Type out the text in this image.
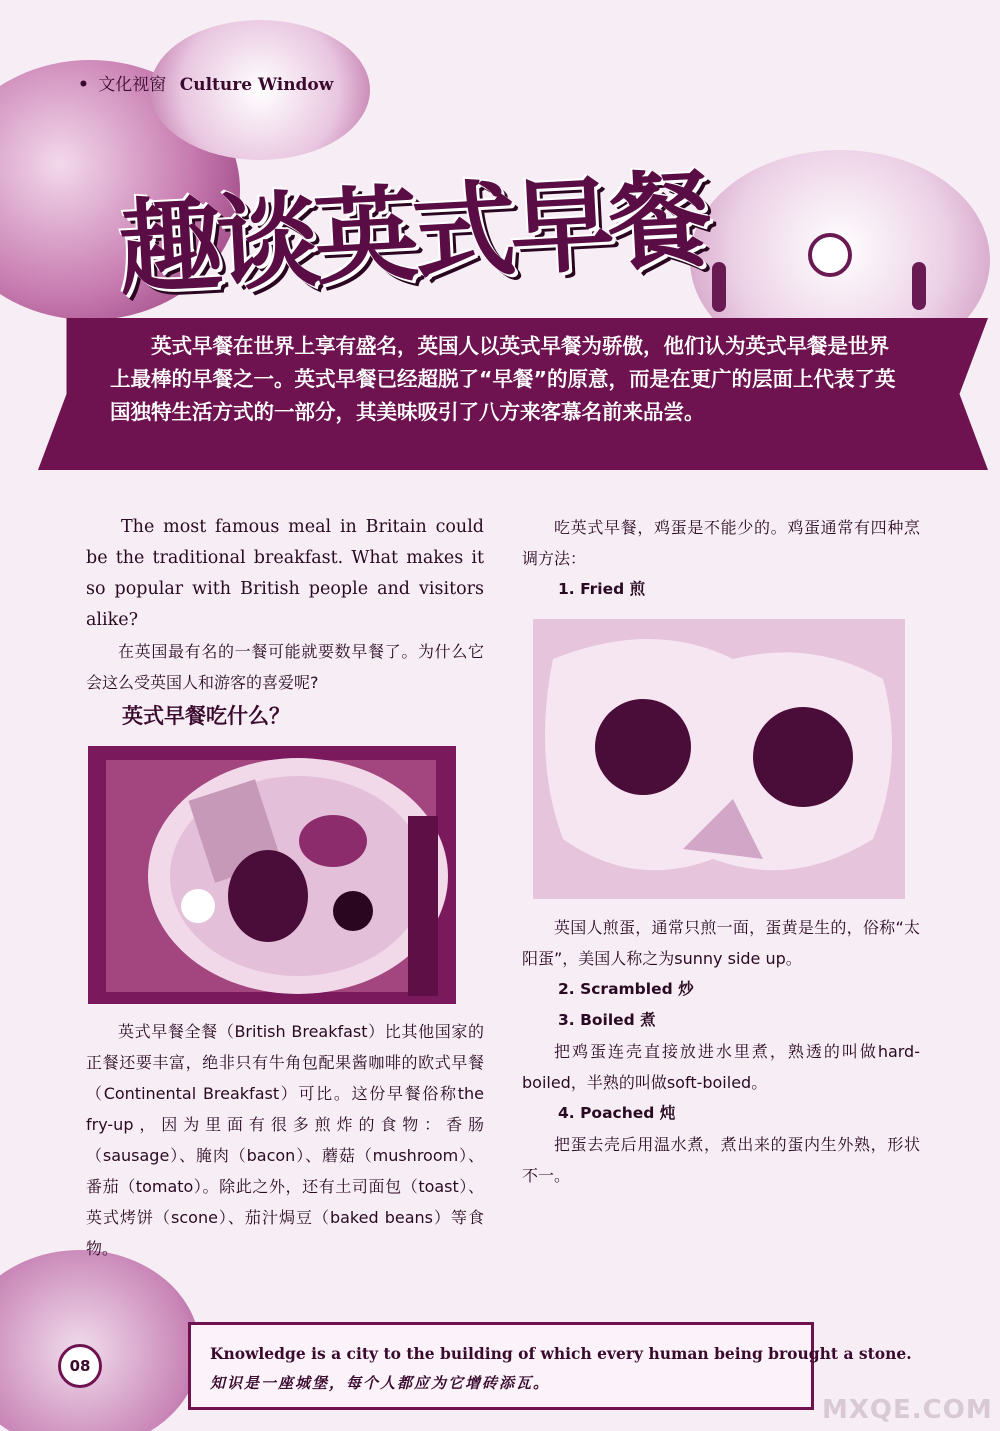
• 文化视窗 Culture Window
趣谈英式早餐
英式早餐在世界上享有盛名，英国人以英式早餐为骄傲，他们认为英式早餐是世界上最棒的早餐之一。英式早餐已经超脱了“早餐”的原意，而是在更广的层面上代表了英国独特生活方式的一部分，其美味吸引了八方来客慕名前来品尝。

The most famous meal in Britain could be the traditional breakfast. What makes it so popular with British people and visitors alike?

在英国最有名的一餐可能就要数早餐了。为什么它会这么受英国人和游客的喜爱呢?

英式早餐吃什么？

英式早餐全餐（British Breakfast）比其他国家的正餐还要丰富，绝非只有牛角包配果酱咖啡的欧式早餐（Continental Breakfast）可比。这份早餐俗称the fry-up，因为里面有很多煎炸的食物：香肠（sausage）、腌肉（bacon）、蘑菇（mushroom）、番茄（tomato）。除此之外，还有土司面包（toast）、英式烤饼（scone）、茄汁焗豆（baked beans）等食物。

吃英式早餐，鸡蛋是不能少的。鸡蛋通常有四种烹调方法：

1. Fried 煎

英国人煎蛋，通常只煎一面，蛋黄是生的，俗称“太阳蛋”，美国人称之为sunny side up。

2. Scrambled 炒

3. Boiled 煮

把鸡蛋连壳直接放进水里煮，熟透的叫做hard-boiled，半熟的叫做soft-boiled。

4. Poached 炖

把蛋去壳后用温水煮，煮出来的蛋内生外熟，形状不一。

08
Knowledge is a city to the building of which every human being brought a stone.
知识是一座城堡，每个人都应为它增砖添瓦。
MXQE.COM
